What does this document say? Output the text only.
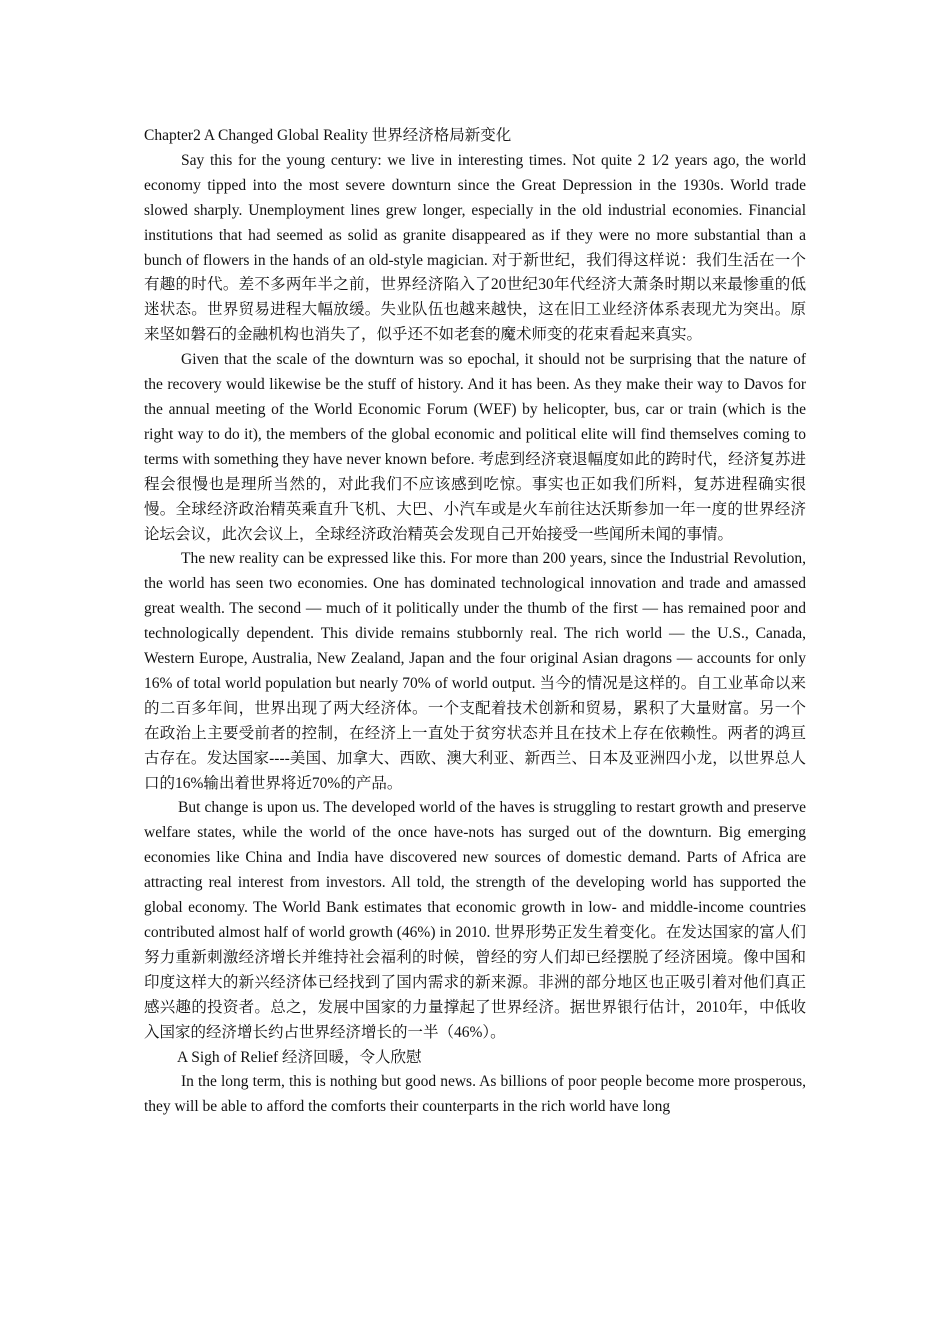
Chapter2 A Changed Global Reality 世界经济格局新变化

Say this for the young century: we live in interesting times. Not quite 2 1⁄2 years ago, the world economy tipped into the most severe downturn since the Great Depression in the 1930s. World trade slowed sharply. Unemployment lines grew longer, especially in the old industrial economies. Financial institutions that had seemed as solid as granite disappeared as if they were no more substantial than a bunch of flowers in the hands of an old-style magician. 对于新世纪，我们得这样说：我们生活在一个有趣的时代。差不多两年半之前，世界经济陷入了20世纪30年代经济大萧条时期以来最惨重的低迷状态。世界贸易进程大幅放缓。失业队伍也越来越快，这在旧工业经济体系表现尤为突出。原来坚如磐石的金融机构也消失了，似乎还不如老套的魔术师变的花束看起来真实。

Given that the scale of the downturn was so epochal, it should not be surprising that the nature of the recovery would likewise be the stuff of history. And it has been. As they make their way to Davos for the annual meeting of the World Economic Forum (WEF) by helicopter, bus, car or train (which is the right way to do it), the members of the global economic and political elite will find themselves coming to terms with something they have never known before. 考虑到经济衰退幅度如此的跨时代，经济复苏进程会很慢也是理所当然的，对此我们不应该感到吃惊。事实也正如我们所料，复苏进程确实很慢。全球经济政治精英乘直升飞机、大巴、小汽车或是火车前往达沃斯参加一年一度的世界经济论坛会议，此次会议上，全球经济政治精英会发现自己开始接受一些闻所未闻的事情。

The new reality can be expressed like this. For more than 200 years, since the Industrial Revolution, the world has seen two economies. One has dominated technological innovation and trade and amassed great wealth. The second — much of it politically under the thumb of the first — has remained poor and technologically dependent. This divide remains stubbornly real. The rich world — the U.S., Canada, Western Europe, Australia, New Zealand, Japan and the four original Asian dragons — accounts for only 16% of total world population but nearly 70% of world output. 当今的情况是这样的。自工业革命以来的二百多年间，世界出现了两大经济体。一个支配着技术创新和贸易，累积了大量财富。另一个在政治上主要受前者的控制，在经济上一直处于贫穷状态并且在技术上存在依赖性。两者的鸿亘古存在。发达国家----美国、加拿大、西欧、澳大利亚、新西兰、日本及亚洲四小龙，以世界总人口的16%输出着世界将近70%的产品。

But change is upon us. The developed world of the haves is struggling to restart growth and preserve welfare states, while the world of the once have-nots has surged out of the downturn. Big emerging economies like China and India have discovered new sources of domestic demand. Parts of Africa are attracting real interest from investors. All told, the strength of the developing world has supported the global economy. The World Bank estimates that economic growth in low- and middle-income countries contributed almost half of world growth (46%) in 2010. 世界形势正发生着变化。在发达国家的富人们努力重新刺激经济增长并维持社会福利的时候，曾经的穷人们却已经摆脱了经济困境。像中国和印度这样大的新兴经济体已经找到了国内需求的新来源。非洲的部分地区也正吸引着对他们真正感兴趣的投资者。总之，发展中国家的力量撑起了世界经济。据世界银行估计，2010年，中低收入国家的经济增长约占世界经济增长的一半（46%）。

A Sigh of Relief 经济回暖，令人欣慰

In the long term, this is nothing but good news. As billions of poor people become more prosperous, they will be able to afford the comforts their counterparts in the rich world have long
